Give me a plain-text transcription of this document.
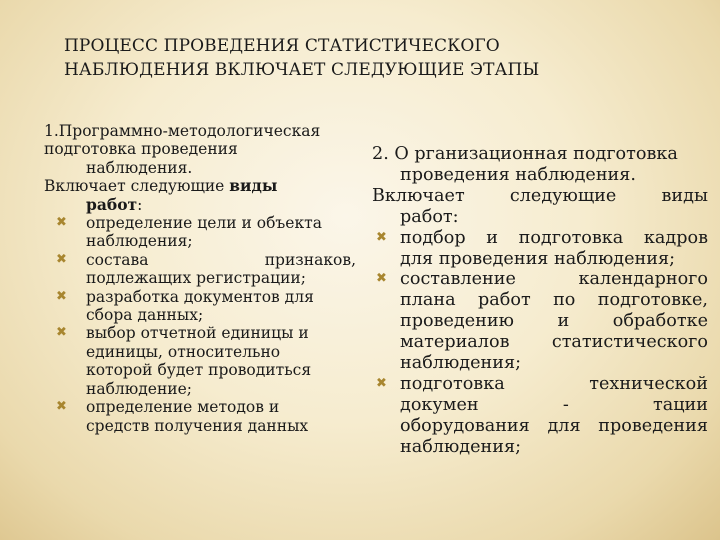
ПРОЦЕСС ПРОВЕДЕНИЯ СТАТИСТИЧЕСКОГО
НАБЛЮДЕНИЯ ВКЛЮЧАЕТ СЛЕДУЮЩИЕ ЭТАПЫ
1.Программно-методологическая
подготовка проведения
наблюдения.
Включает следующие виды
работ:
✖	определение цели и объекта
наблюдения;
✖	состава признаков,
подлежащих регистрации;
✖	разработка документов для
сбора данных;
✖	выбор отчетной единицы и
единицы, относительно
которой будет проводиться
наблюдение;
✖	определение методов и
средств получения данных
2. О рганизационная подготовка
проведения наблюдения.
Включает следующие виды
работ:
✖ подбор и подготовка кадров
для проведения наблюдения;
✖ составление календарного
плана работ по подготовке,
проведению и обработке
материалов статистического
наблюдения;
✖ подготовка технической
докумен - тации
оборудования для проведения
наблюдения;
